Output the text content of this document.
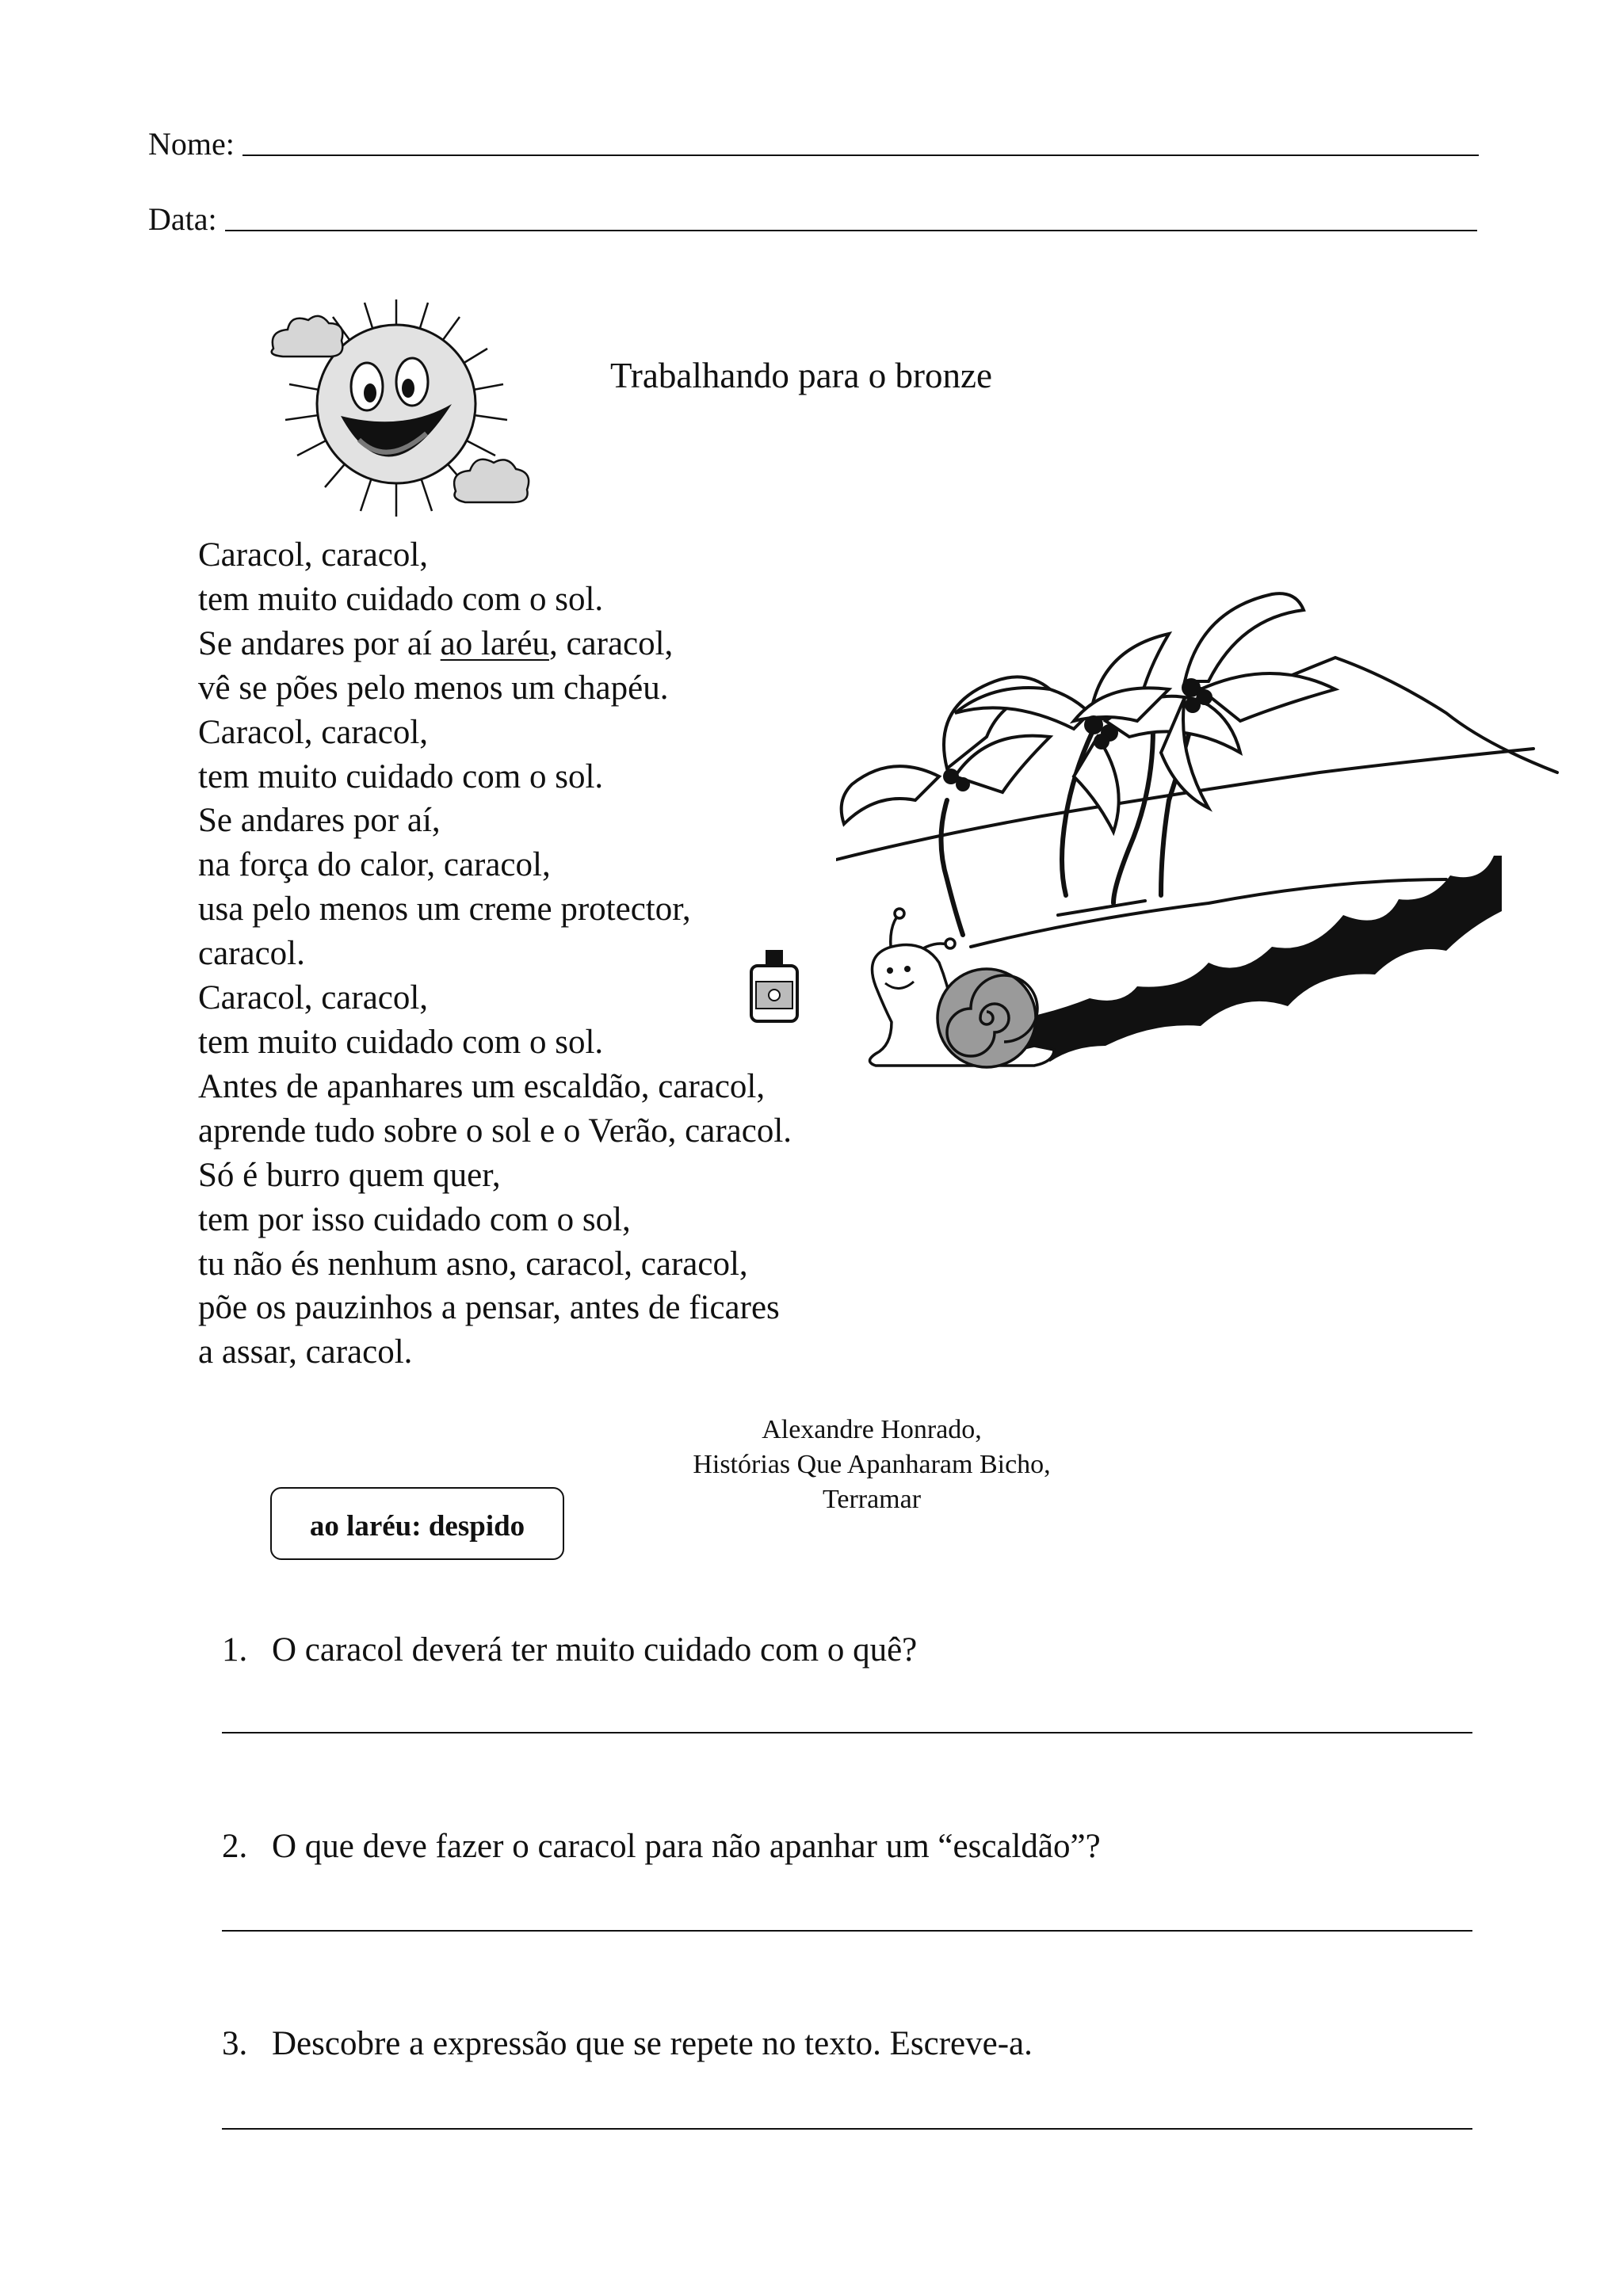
Nome:
Data:
Trabalhando para o bronze
Caracol, caracol,
tem muito cuidado com o sol.
Se andares por aí ao laréu, caracol,
vê se pões pelo menos um chapéu.
Caracol, caracol,
tem muito cuidado com o sol.
Se andares por aí,
na força do calor, caracol,
usa pelo menos um creme protector,
caracol.
Caracol, caracol,
tem muito cuidado com o sol.
Antes de apanhares um escaldão, caracol,
aprende tudo sobre o sol e o Verão, caracol.
Só é burro quem quer,
tem por isso cuidado com o sol,
tu não és nenhum asno, caracol, caracol,
põe os pauzinhos a pensar, antes de ficares
a assar, caracol.
Alexandre Honrado,
Histórias Que Apanharam Bicho,
Terramar
ao laréu: despido
1. O caracol deverá ter muito cuidado com o quê?
2. O que deve fazer o caracol para não apanhar um “escaldão”?
3. Descobre a expressão que se repete no texto. Escreve-a.
